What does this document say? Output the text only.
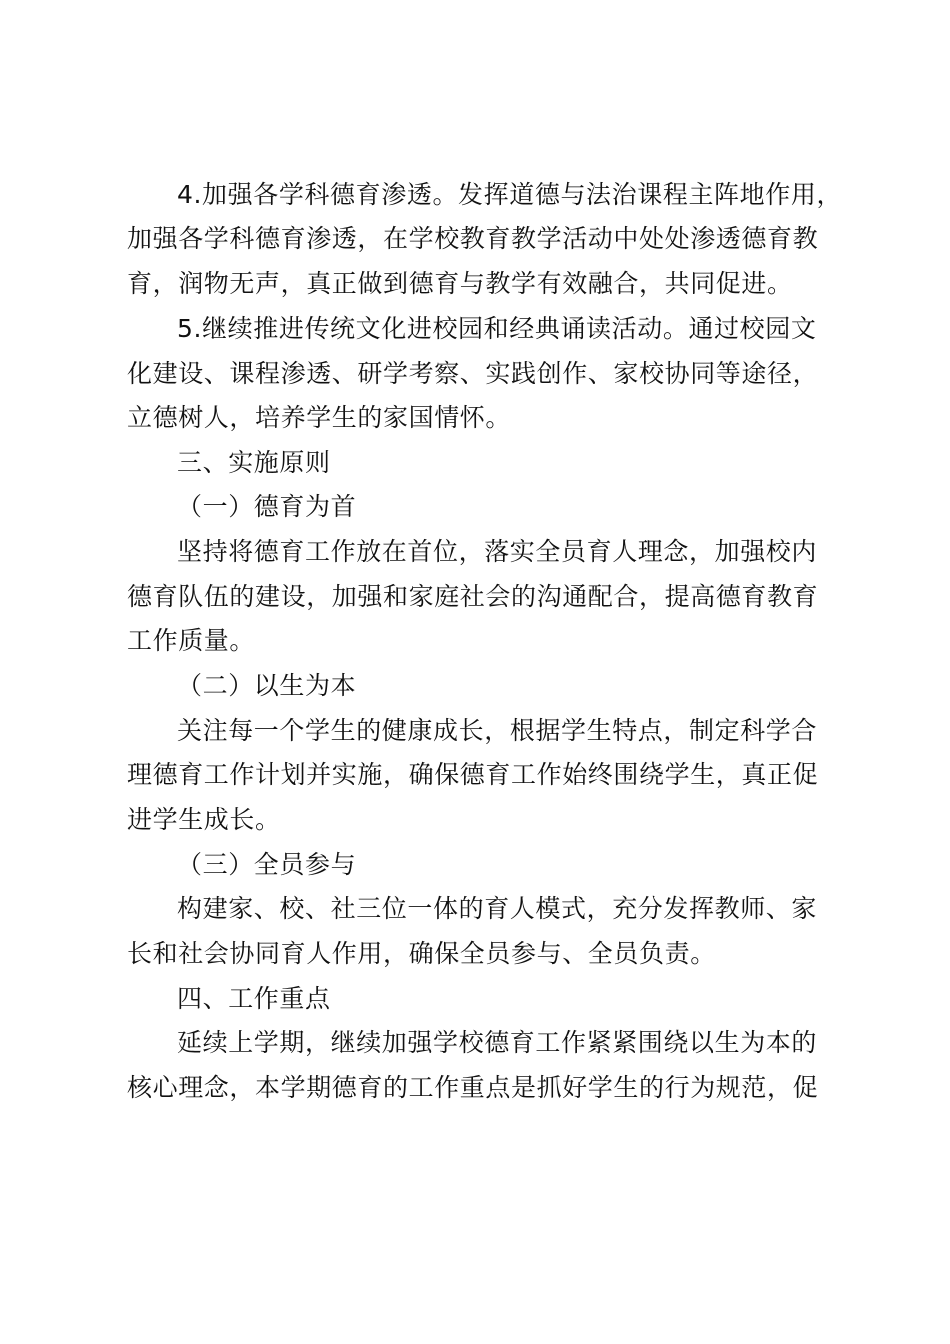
4.加强各学科德育渗透。发挥道德与法治课程主阵地作用，
加强各学科德育渗透，在学校教育教学活动中处处渗透德育教
育，润物无声，真正做到德育与教学有效融合，共同促进。
5.继续推进传统文化进校园和经典诵读活动。通过校园文
化建设、课程渗透、研学考察、实践创作、家校协同等途径，
立德树人，培养学生的家国情怀。
三、实施原则
（一）德育为首
坚持将德育工作放在首位，落实全员育人理念，加强校内
德育队伍的建设，加强和家庭社会的沟通配合，提高德育教育
工作质量。
（二）以生为本
关注每一个学生的健康成长，根据学生特点，制定科学合
理德育工作计划并实施，确保德育工作始终围绕学生，真正促
进学生成长。
（三）全员参与
构建家、校、社三位一体的育人模式，充分发挥教师、家
长和社会协同育人作用，确保全员参与、全员负责。
四、工作重点
延续上学期，继续加强学校德育工作紧紧围绕以生为本的
核心理念，本学期德育的工作重点是抓好学生的行为规范，促
